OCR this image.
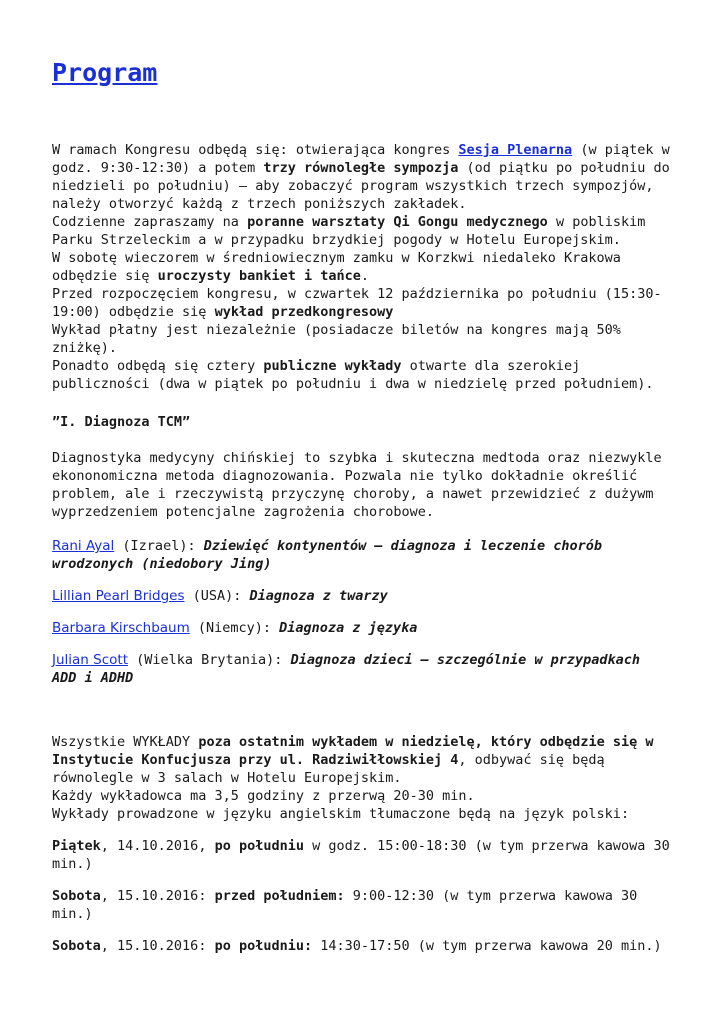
Program

W ramach Kongresu odbędą się: otwierająca kongres Sesja Plenarna (w piątek w godz. 9:30-12:30) a potem trzy równoległe sympozja (od piątku po południu do niedzieli po południu) – aby zobaczyć program wszystkich trzech sympozjów, należy otworzyć każdą z trzech poniższych zakładek.

Codzienne zapraszamy na poranne warsztaty Qi Gongu medycznego w pobliskim Parku Strzeleckim a w przypadku brzydkiej pogody w Hotelu Europejskim.

W sobotę wieczorem w średniowiecznym zamku w Korzkwi niedaleko Krakowa odbędzie się uroczysty bankiet i tańce.

Przed rozpoczęciem kongresu, w czwartek 12 października po południu (15:30-19:00) odbędzie się wykład przedkongresowy

Wykład płatny jest niezależnie (posiadacze biletów na kongres mają 50% zniżkę).

Ponadto odbędą się cztery publiczne wykłady otwarte dla szerokiej publiczności (dwa w piątek po południu i dwa w niedzielę przed południem).

”I. Diagnoza TCM”

Diagnostyka medycyny chińskiej to szybka i skuteczna medtoda oraz niezwykle ekononomiczna metoda diagnozowania. Pozwala nie tylko dokładnie określić problem, ale i rzeczywistą przyczynę choroby, a nawet przewidzieć z dużywm wyprzedzeniem potencjalne zagrożenia chorobowe.

Rani Ayal (Izrael): Dziewięć kontynentów – diagnoza i leczenie chorób wrodzonych (niedobory Jing)

Lillian Pearl Bridges (USA): Diagnoza z twarzy

Barbara Kirschbaum (Niemcy): Diagnoza z języka

Julian Scott (Wielka Brytania): Diagnoza dzieci – szczególnie w przypadkach ADD i ADHD

Wszystkie WYKŁADY poza ostatnim wykładem w niedzielę, który odbędzie się w Instytucie Konfucjusza przy ul. Radziwiłłowskiej 4, odbywać się będą równolegle w 3 salach w Hotelu Europejskim.

Każdy wykładowca ma 3,5 godziny z przerwą 20-30 min.

Wykłady prowadzone w języku angielskim tłumaczone będą na język polski:

Piątek, 14.10.2016, po południu w godz. 15:00-18:30 (w tym przerwa kawowa 30 min.)

Sobota, 15.10.2016: przed południem: 9:00-12:30 (w tym przerwa kawowa 30 min.)

Sobota, 15.10.2016: po południu: 14:30-17:50 (w tym przerwa kawowa 20 min.)
